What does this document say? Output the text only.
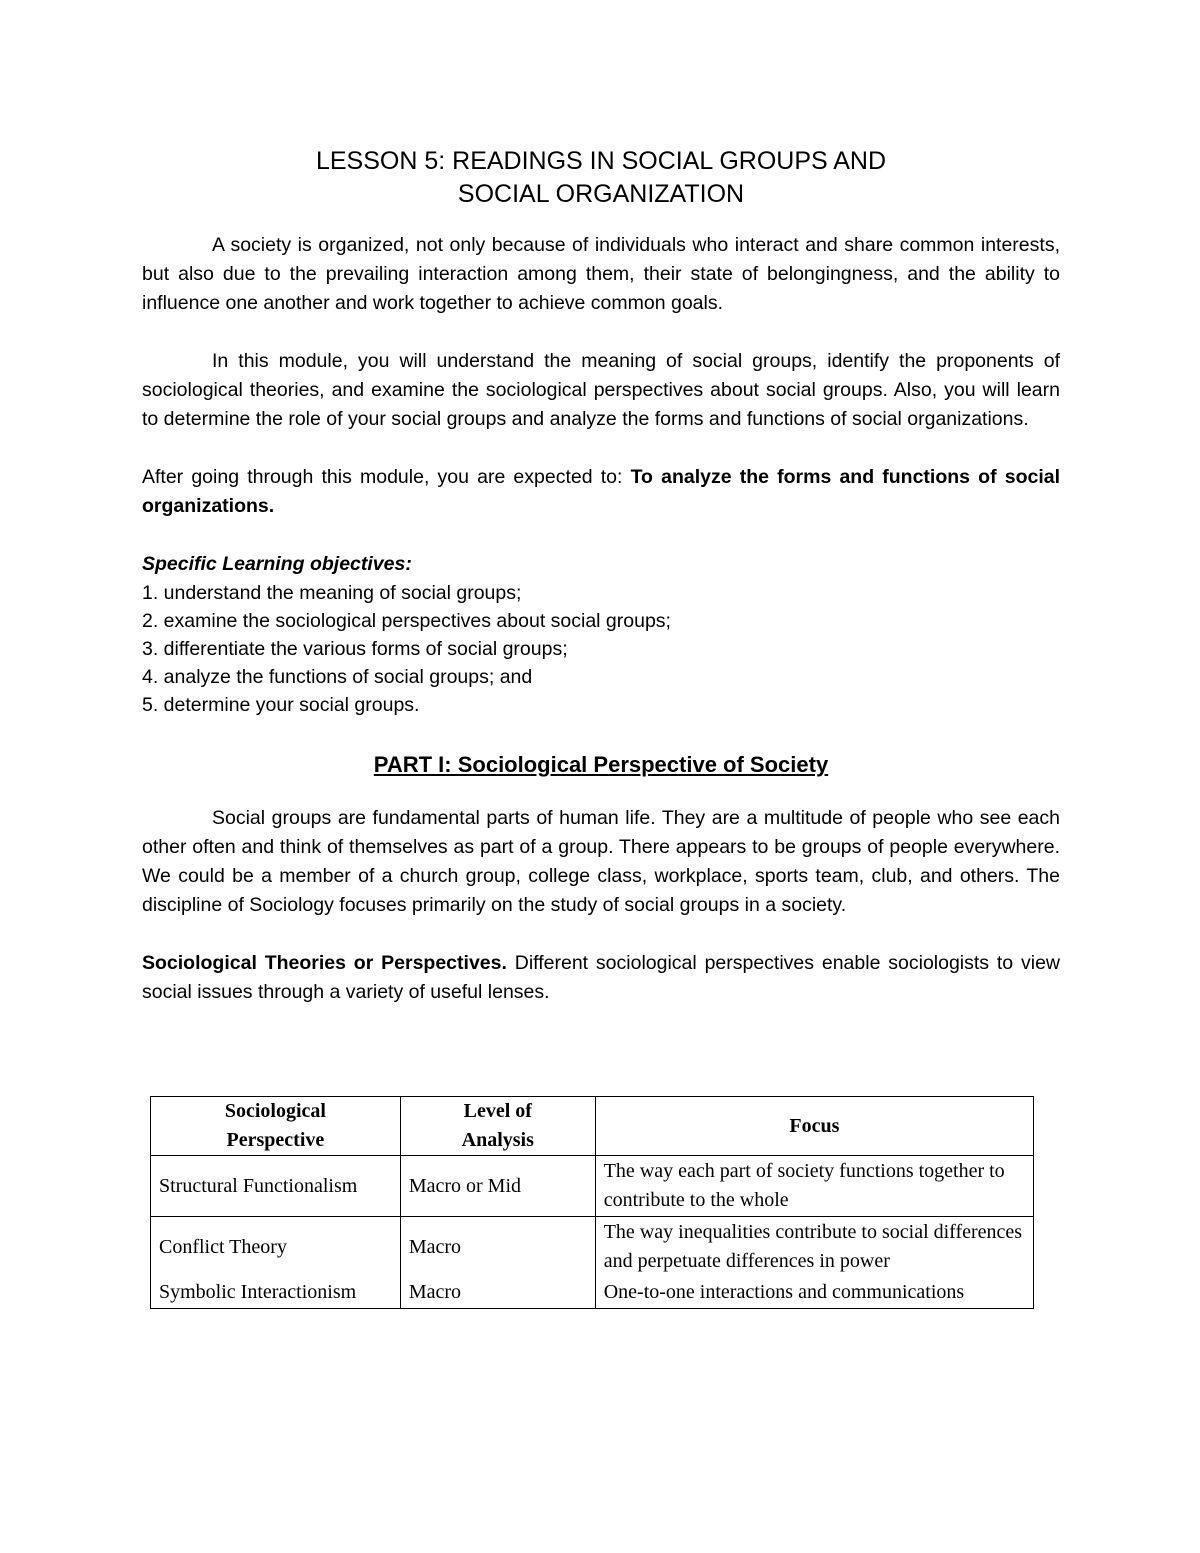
LESSON 5: READINGS IN SOCIAL GROUPS AND
SOCIAL ORGANIZATION

A society is organized, not only because of individuals who interact and share common interests, but also due to the prevailing interaction among them, their state of belongingness, and the ability to influence one another and work together to achieve common goals.

In this module, you will understand the meaning of social groups, identify the proponents of sociological theories, and examine the sociological perspectives about social groups. Also, you will learn to determine the role of your social groups and analyze the forms and functions of social organizations.

After going through this module, you are expected to: To analyze the forms and functions of social organizations.

Specific Learning objectives:

1. understand the meaning of social groups;
2. examine the sociological perspectives about social groups;
3. differentiate the various forms of social groups;
4. analyze the functions of social groups; and
5. determine your social groups.
PART I: Sociological Perspective of Society

Social groups are fundamental parts of human life. They are a multitude of people who see each other often and think of themselves as part of a group. There appears to be groups of people everywhere. We could be a member of a church group, college class, workplace, sports team, club, and others. The discipline of Sociology focuses primarily on the study of social groups in a society.

Sociological Theories or Perspectives. Different sociological perspectives enable sociologists to view social issues through a variety of useful lenses.

Sociological Perspective	Level of Analysis	Focus
Structural Functionalism	Macro or Mid	The way each part of society functions together to contribute to the whole
Conflict Theory	Macro	The way inequalities contribute to social differences and perpetuate differences in power
Symbolic Interactionism	Macro	One-to-one interactions and communications
